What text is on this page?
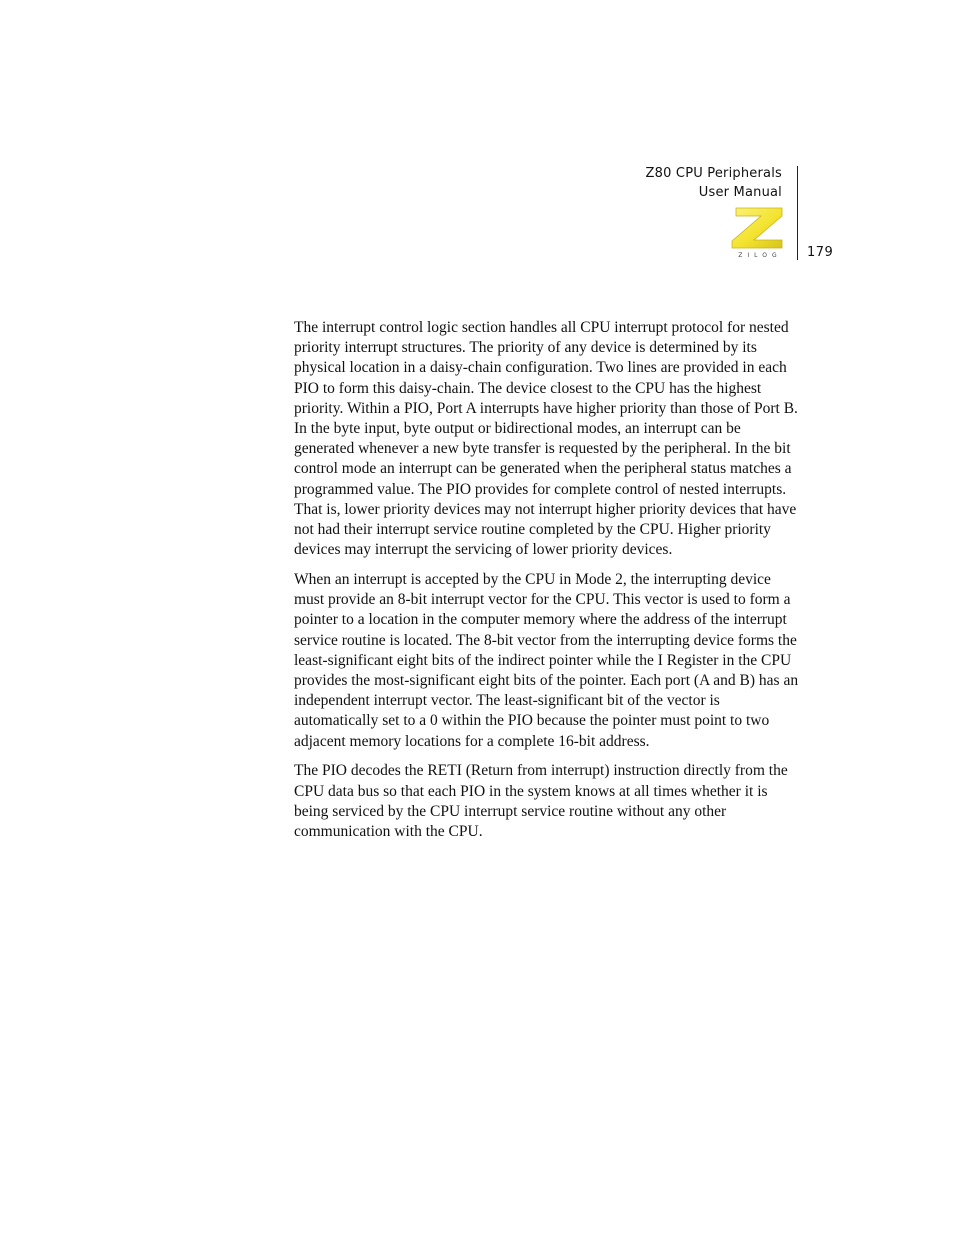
Z80 CPU Peripherals
User Manual
ZILOG	179

The interrupt control logic section handles all CPU interrupt protocol for nested priority interrupt structures. The priority of any device is determined by its physical location in a daisy-chain configuration. Two lines are provided in each PIO to form this daisy-chain. The device closest to the CPU has the highest priority. Within a PIO, Port A interrupts have higher priority than those of Port B. In the byte input, byte output or bidirectional modes, an interrupt can be generated whenever a new byte transfer is requested by the peripheral. In the bit control mode an interrupt can be generated when the peripheral status matches a programmed value. The PIO provides for complete control of nested interrupts. That is, lower priority devices may not interrupt higher priority devices that have not had their interrupt service routine completed by the CPU. Higher priority devices may interrupt the servicing of lower priority devices.

When an interrupt is accepted by the CPU in Mode 2, the interrupting device must provide an 8-bit interrupt vector for the CPU. This vector is used to form a pointer to a location in the computer memory where the address of the interrupt service routine is located. The 8-bit vector from the interrupting device forms the least-significant eight bits of the indirect pointer while the I Register in the CPU provides the most-significant eight bits of the pointer. Each port (A and B) has an independent interrupt vector. The least-significant bit of the vector is automatically set to a 0 within the PIO because the pointer must point to two adjacent memory locations for a complete 16-bit address.

The PIO decodes the RETI (Return from interrupt) instruction directly from the CPU data bus so that each PIO in the system knows at all times whether it is being serviced by the CPU interrupt service routine without any other communication with the CPU.
